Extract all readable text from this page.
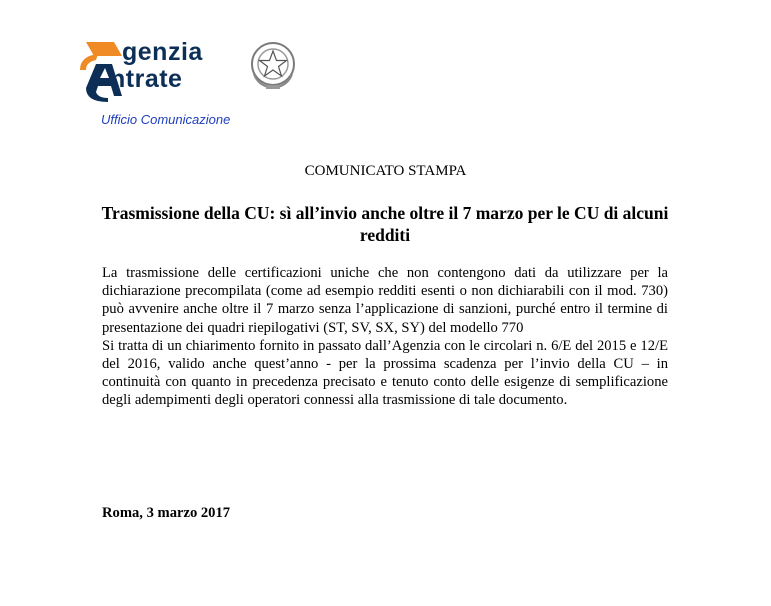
genzia
ntrate
Ufficio Comunicazione
COMUNICATO STAMPA
Trasmissione della CU: sì all’invio anche oltre il 7 marzo per le CU di alcuni redditi

La trasmissione delle certificazioni uniche che non contengono dati da utilizzare per la dichiarazione precompilata (come ad esempio redditi esenti o non dichiarabili con il mod. 730) può avvenire anche oltre il 7 marzo senza l’applicazione di sanzioni, purché entro il termine di presentazione dei quadri riepilogativi (ST, SV, SX, SY) del modello 770

Si tratta di un chiarimento fornito in passato dall’Agenzia con le circolari n. 6/E del 2015 e 12/E del 2016, valido anche quest’anno - per la prossima scadenza per l’invio della CU – in continuità con quanto in precedenza precisato e tenuto conto delle esigenze di semplificazione degli adempimenti degli operatori connessi alla trasmissione di tale documento.

Roma, 3 marzo 2017
